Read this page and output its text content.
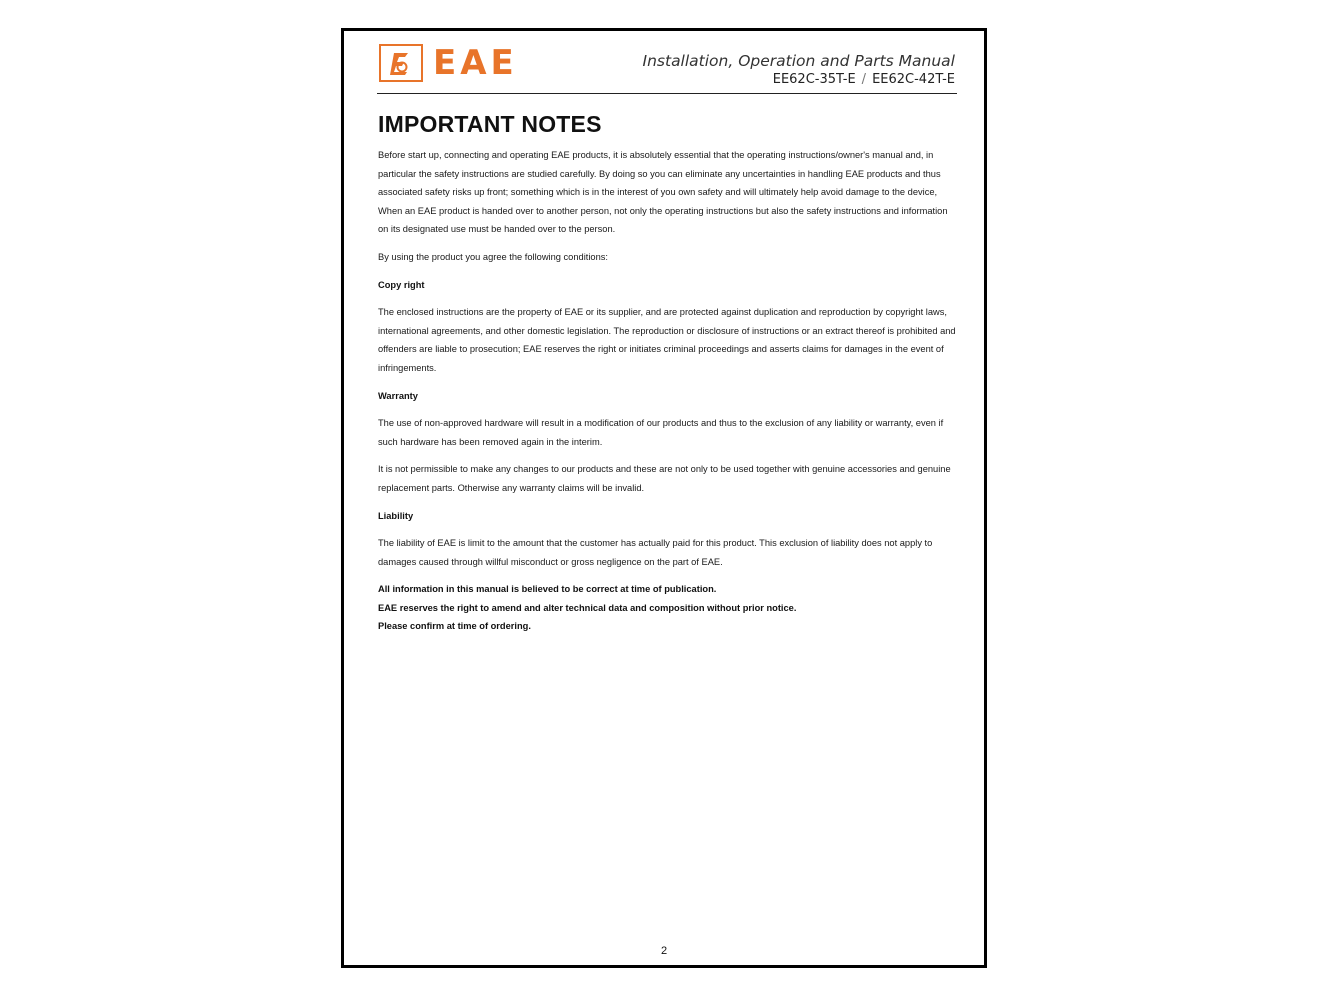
EAE	Installation, Operation and Parts Manual
EE62C-35T-E / EE62C-42T-E
IMPORTANT NOTES

Before start up, connecting and operating EAE products, it is absolutely essential that the operating instructions/owner's manual and, in particular the safety instructions are studied carefully. By doing so you can eliminate any uncertainties in handling EAE products and thus associated safety risks up front; something which is in the interest of you own safety and will ultimately help avoid damage to the device, When an EAE product is handed over to another person, not only the operating instructions but also the safety instructions and information on its designated use must be handed over to the person.

By using the product you agree the following conditions:

Copy right

The enclosed instructions are the property of EAE or its supplier, and are protected against duplication and reproduction by copyright laws, international agreements, and other domestic legislation. The reproduction or disclosure of instructions or an extract thereof is prohibited and offenders are liable to prosecution; EAE reserves the right or initiates criminal proceedings and asserts claims for damages in the event of infringements.

Warranty

The use of non-approved hardware will result in a modification of our products and thus to the exclusion of any liability or warranty, even if such hardware has been removed again in the interim.

It is not permissible to make any changes to our products and these are not only to be used together with genuine accessories and genuine replacement parts. Otherwise any warranty claims will be invalid.

Liability

The liability of EAE is limit to the amount that the customer has actually paid for this product. This exclusion of liability does not apply to damages caused through willful misconduct or gross negligence on the part of EAE.

All information in this manual is believed to be correct at time of publication.
EAE reserves the right to amend and alter technical data and composition without prior notice.
Please confirm at time of ordering.
2
